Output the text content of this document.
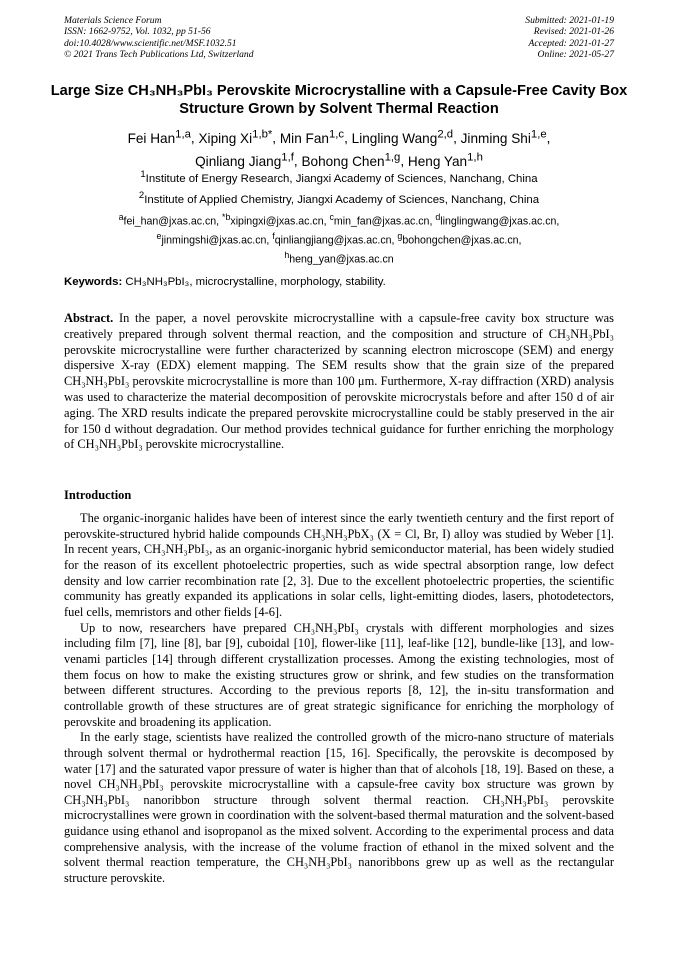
Materials Science Forum
ISSN: 1662-9752, Vol. 1032, pp 51-56
doi:10.4028/www.scientific.net/MSF.1032.51
© 2021 Trans Tech Publications Ltd, Switzerland
Submitted: 2021-01-19
Revised: 2021-01-26
Accepted: 2021-01-27
Online: 2021-05-27
Large Size CH₃NH₃PbI₃ Perovskite Microcrystalline with a Capsule-Free Cavity Box Structure Grown by Solvent Thermal Reaction
Fei Han$^{1,a}$, Xiping $Xi^{1,b*}$, Min Fan$^{1,c}$, Lingling Wang$^{2,d}$, Jinming Shi$^{1,e}$,
Qinliang Jiang$^{1,f}$, Bohong Chen$^{1,g}$, Heng Yan$^{1,h}$
$^1$Institute of Energy Research, Jiangxi Academy of Sciences, Nanchang, China
$^2$Institute of Applied Chemistry, Jiangxi Academy of Sciences, Nanchang, China
$^a$fei_han@jxas.ac.cn, $^{*b}$xipingxi@jxas.ac.cn, $^c$min_fan@jxas.ac.cn, $^d$linglingwang@jxas.ac.cn,
$^e$jinmingshi@jxas.ac.cn, $^f$qinliangjiang@jxas.ac.cn, $^g$bohongchen@jxas.ac.cn,
$^h$heng_yan@jxas.ac.cn
Keywords: CH₃NH₃PbI₃, microcrystalline, morphology, stability.
Abstract. In the paper, a novel perovskite microcrystalline with a capsule-free cavity box structure was creatively prepared through solvent thermal reaction, and the composition and structure of CH₃NH₃PbI₃ perovskite microcrystalline were further characterized by scanning electron microscope (SEM) and energy dispersive X-ray (EDX) element mapping. The SEM results show that the grain size of the prepared CH₃NH₃PbI₃ perovskite microcrystalline is more than 100 μm. Furthermore, X-ray diffraction (XRD) analysis was used to characterize the material decomposition of perovskite microcrystals before and after 150 d of air aging. The XRD results indicate the prepared perovskite microcrystalline could be stably preserved in the air for 150 d without degradation. Our method provides technical guidance for further enriching the morphology of CH₃NH₃PbI₃ perovskite microcrystalline.
Introduction

The organic-inorganic halides have been of interest since the early twentieth century and the first report of perovskite-structured hybrid halide compounds CH₃NH₃PbX₃ (X = Cl, Br, I) alloy was studied by Weber [1]. In recent years, CH₃NH₃PbI₃, as an organic-inorganic hybrid semiconductor material, has been widely studied for the reason of its excellent photoelectric properties, such as wide spectral absorption range, low defect density and low carrier recombination rate [2, 3]. Due to the excellent photoelectric properties, the scientific community has greatly expanded its applications in solar cells, light-emitting diodes, lasers, photodetectors, fuel cells, memristors and other fields [4-6].

Up to now, researchers have prepared CH₃NH₃PbI₃ crystals with different morphologies and sizes including film [7], line [8], bar [9], cuboidal [10], flower-like [11], leaf-like [12], bundle-like [13], and low-venami particles [14] through different crystallization processes. Among the existing technologies, most of them focus on how to make the existing structures grow or shrink, and few studies on the transformation between different structures. According to the previous reports [8, 12], the in-situ transformation and controllable growth of these structures are of great strategic significance for enriching the morphology of perovskite and broadening its application.

In the early stage, scientists have realized the controlled growth of the micro-nano structure of materials through solvent thermal or hydrothermal reaction [15, 16]. Specifically, the perovskite is decomposed by water [17] and the saturated vapor pressure of water is higher than that of alcohols [18, 19]. Based on these, a novel CH₃NH₃PbI₃ perovskite microcrystalline with a capsule-free cavity box structure was grown by CH₃NH₃PbI₃ nanoribbon structure through solvent thermal reaction. CH₃NH₃PbI₃ perovskite microcrystallines were grown in coordination with the solvent-based thermal maturation and the solvent-based guidance using ethanol and isopropanol as the mixed solvent. According to the experimental process and data comprehensive analysis, with the increase of the volume fraction of ethanol in the mixed solvent and the solvent thermal reaction temperature, the CH₃NH₃PbI₃ nanoribbons grew up as well as the rectangular structure perovskite.
